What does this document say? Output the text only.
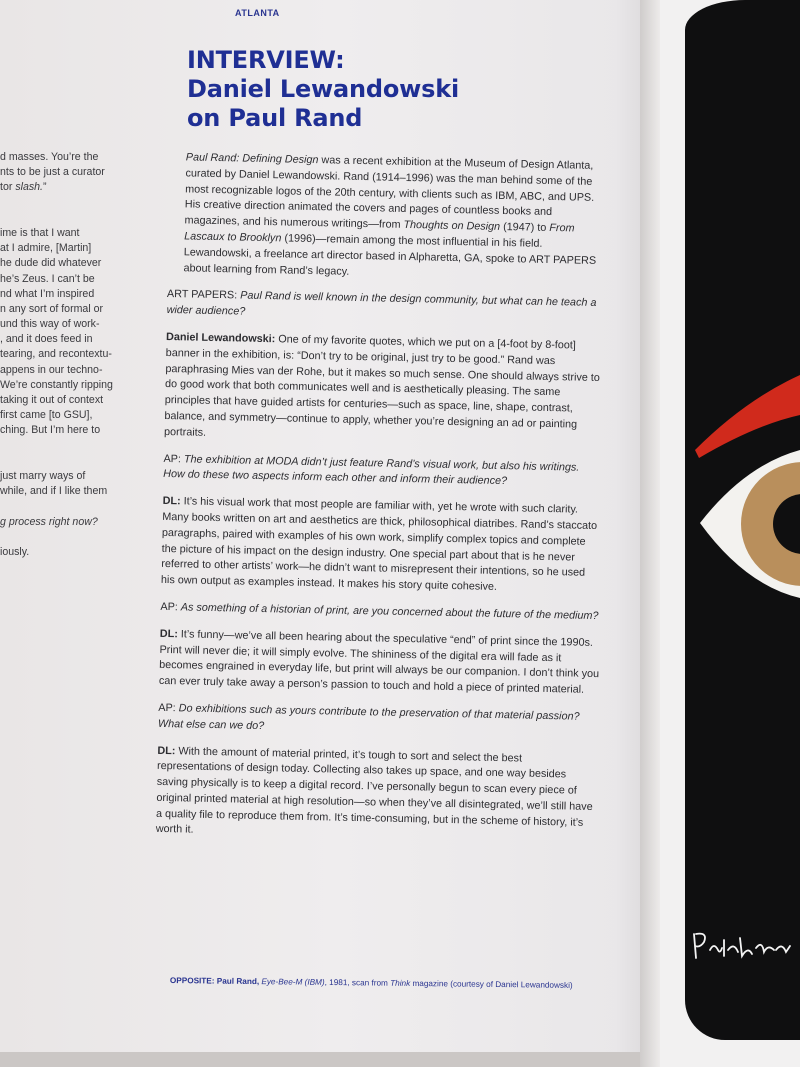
ATLANTA
INTERVIEW:
Daniel Lewandowski
on Paul Rand
d masses. You’re the
nts to be just a curator
tor slash.”
ime is that I want
at I admire, [Martin]
he dude did whatever
he’s Zeus. I can’t be
nd what I’m inspired
n any sort of formal or
und this way of work-
, and it does feed in
tearing, and recontextu-
appens in our techno-
We’re constantly ripping
taking it out of context
first came [to GSU],
ching. But I’m here to
just marry ways of
while, and if I like them
g process right now?
iously.

Paul Rand: Defining Design was a recent exhibition at the Museum of Design Atlanta, curated by Daniel Lewandowski. Rand (1914–1996) was the man behind some of the most recognizable logos of the 20th century, with clients such as IBM, ABC, and UPS. His creative direction animated the covers and pages of countless books and magazines, and his numerous writings—from Thoughts on Design (1947) to From Lascaux to Brooklyn (1996)—remain among the most influential in his field. Lewandowski, a freelance art director based in Alpharetta, GA, spoke to ART PAPERS about learning from Rand’s legacy.

ART PAPERS: Paul Rand is well known in the design community, but what can he teach a wider audience?

Daniel Lewandowski: One of my favorite quotes, which we put on a [4-foot by 8-foot] banner in the exhibition, is: “Don’t try to be original, just try to be good.” Rand was paraphrasing Mies van der Rohe, but it makes so much sense. One should always strive to do good work that both communicates well and is aesthetically pleasing. The same principles that have guided artists for centuries—such as space, line, shape, contrast, balance, and symmetry—continue to apply, whether you’re designing an ad or painting portraits.

AP: The exhibition at MODA didn’t just feature Rand’s visual work, but also his writings. How do these two aspects inform each other and inform their audience?

DL: It’s his visual work that most people are familiar with, yet he wrote with such clarity. Many books written on art and aesthetics are thick, philosophical diatribes. Rand’s staccato paragraphs, paired with examples of his own work, simplify complex topics and complete the picture of his impact on the design industry. One special part about that is he never referred to other artists’ work—he didn’t want to misrepresent their intentions, so he used his own output as examples instead. It makes his story quite cohesive.

AP: As something of a historian of print, are you concerned about the future of the medium?

DL: It’s funny—we’ve all been hearing about the speculative “end” of print since the 1990s. Print will never die; it will simply evolve. The shininess of the digital era will fade as it becomes engrained in everyday life, but print will always be our companion. I don’t think you can ever truly take away a person’s passion to touch and hold a piece of printed material.

AP: Do exhibitions such as yours contribute to the preservation of that material passion? What else can we do?

DL: With the amount of material printed, it’s tough to sort and select the best representations of design today. Collecting also takes up space, and one way besides saving physically is to keep a digital record. I’ve personally begun to scan every piece of original printed material at high resolution—so when they’ve all disintegrated, we’ll still have a quality file to reproduce them from. It’s time-consuming, but in the scheme of history, it’s worth it.

OPPOSITE: Paul Rand, Eye-Bee-M (IBM), 1981, scan from Think magazine (courtesy of Daniel Lewandowski)
